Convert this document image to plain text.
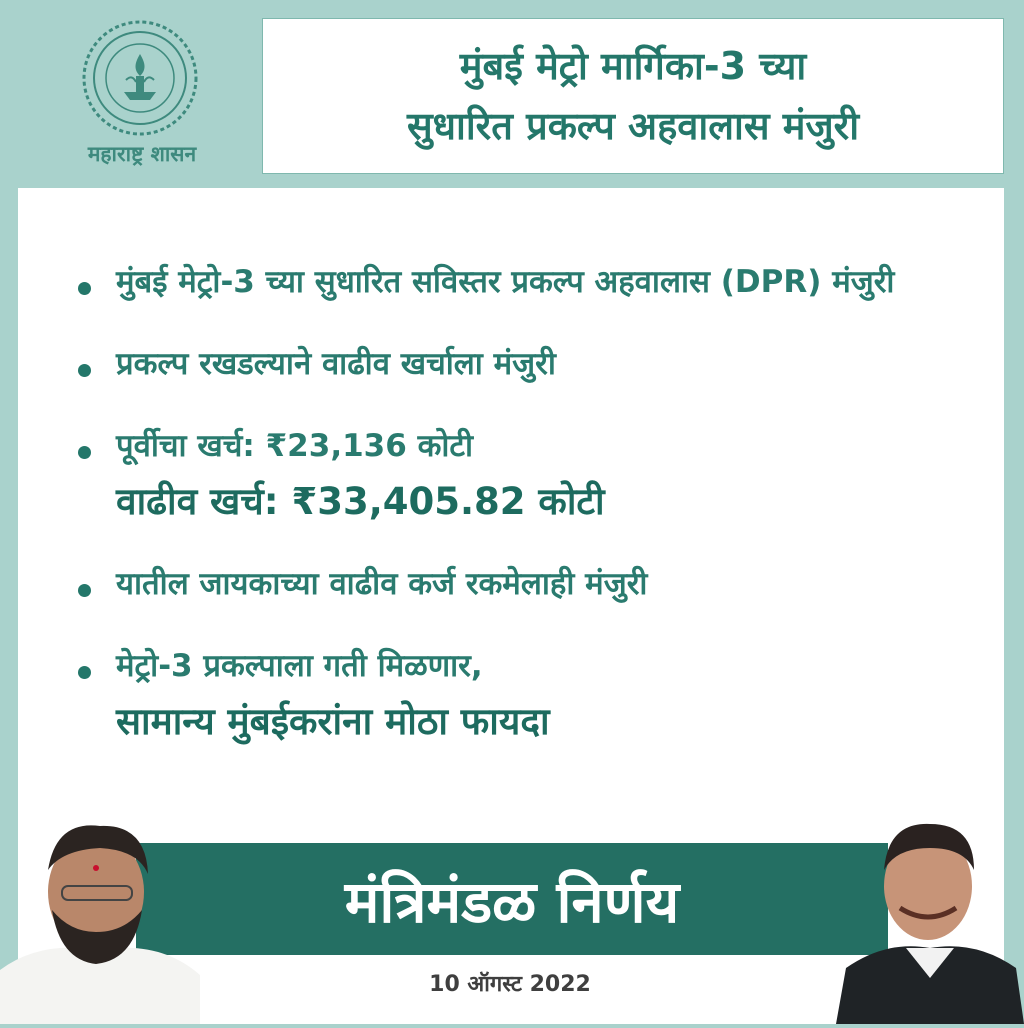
महाराष्ट्र शासन
मुंबई मेट्रो मार्गिका-3 च्या
सुधारित प्रकल्प अहवालास मंजुरी
मुंबई मेट्रो-3 च्या सुधारित सविस्तर प्रकल्प अहवालास (DPR) मंजुरी
प्रकल्प रखडल्याने वाढीव खर्चाला मंजुरी
पूर्वीचा खर्च: ₹23,136 कोटी
वाढीव खर्च: ₹33,405.82 कोटी
यातील जायकाच्या वाढीव कर्ज रकमेलाही मंजुरी
मेट्रो-3 प्रकल्पाला गती मिळणार,
सामान्य मुंबईकरांना मोठा फायदा
मंत्रिमंडळ निर्णय
10 ऑगस्ट 2022
